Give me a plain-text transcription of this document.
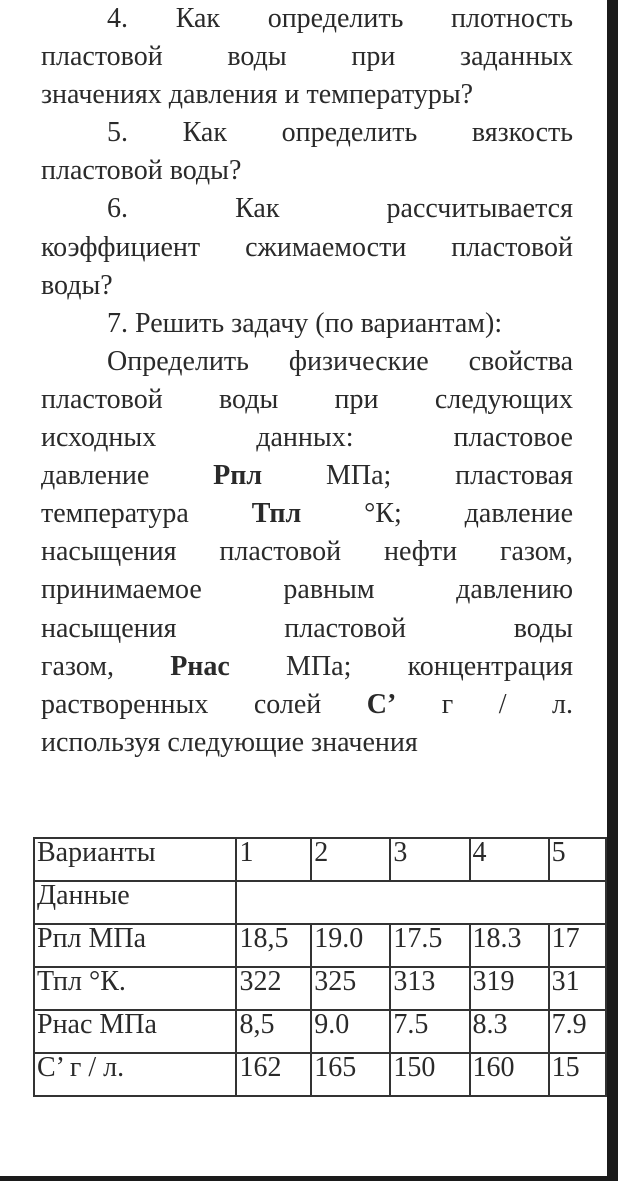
4. Как определить плотность
пластовой воды при заданных
значениях давления и температуры?

5. Как определить вязкость
пластовой воды?

6.	Как рассчитывается
коэффициент сжимаемости пластовой
воды?

7. Решить задачу (по вариантам):

Определить физические свойства
пластовой воды при следующих
исходных данных: пластовое
давление Рпл МПа; пластовая
температура Тпл °К; давление
насыщения пластовой нефти газом,
принимаемое равным давлению
насыщения пластовой воды
газом, Рнас МПа; концентрация
растворенных солей С’ г / л.
используя следующие значения

Варианты	1	2	3	4	5
Данные					
Рпл МПа	18,5	19.0	17.5	18.3	17
Тпл °К.	322	325	313	319	31
Рнас МПа	8,5	9.0	7.5	8.3	7.9
С’ г / л.	162	165	150	160	15
